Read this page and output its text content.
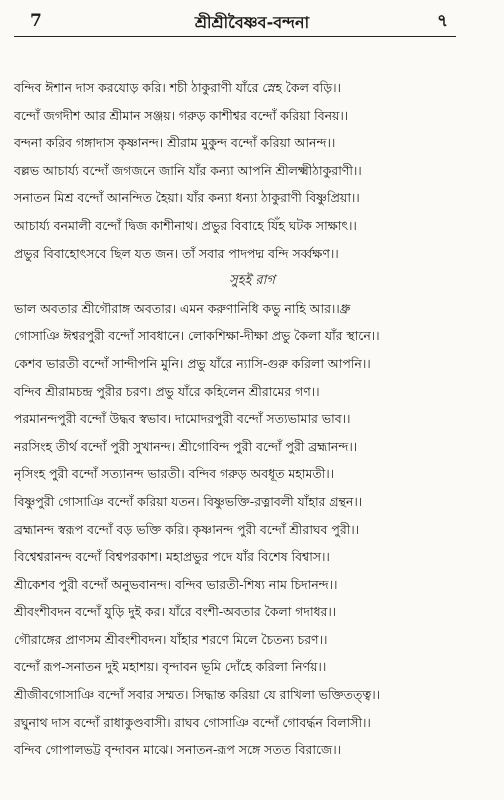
7	শ্রীশ্রীবৈষ্ণব-বন্দনা	৭
বন্দিব ঈশান দাস করযোড় করি। শচী ঠাকুরাণী যাঁরে স্নেহ কৈল বড়ি।।
বন্দোঁ জগদীশ আর শ্রীমান সঞ্জয়। গরুড় কাশীশ্বর বন্দোঁ করিয়া বিনয়।।
বন্দনা করিব গঙ্গাদাস কৃষ্ণানন্দ। শ্রীরাম মুকুন্দ বন্দোঁ করিয়া আনন্দ।।
বল্লভ আচার্য্য বন্দোঁ জগজনে জানি যাঁর কন্যা আপনি শ্রীলক্ষ্মীঠাকুরাণী।।
সনাতন মিশ্র বন্দোঁ আনন্দিত হৈয়া। যাঁর কন্যা ধন্যা ঠাকুরাণী বিষ্ণুপ্রিয়া।।
আচার্য্য বনমালী বন্দোঁ দ্বিজ কাশীনাথ। প্রভুর বিবাহে যিঁহ ঘটক সাক্ষাৎ।।
প্রভুর বিবাহোৎসবে ছিল যত জন। তাঁ সবার পাদপদ্ম বন্দি সর্ব্বক্ষণ।।
সুহই রাগ
ভাল অবতার শ্রীগৌরাঙ্গ অবতার। এমন করুণানিধি কভু নাহি আর।।ধ্রু
গোসাঞি ঈশ্বরপুরী বন্দোঁ সাবধানে। লোকশিক্ষা-দীক্ষা প্রভু কৈলা যাঁর স্থানে।।
কেশব ভারতী বন্দোঁ সান্দীপনি মুনি। প্রভু যাঁরে ন্যাসি-গুরু করিলা আপনি।।
বন্দিব শ্রীরামচন্দ্র পুরীর চরণ। প্রভু যাঁরে কহিলেন শ্রীরামের গণ।।
পরমানন্দপুরী বন্দোঁ উদ্ধব স্বভাব। দামোদরপুরী বন্দোঁ সত্যভামার ভাব।।
নরসিংহ তীর্থ বন্দোঁ পুরী সুখানন্দ। শ্রীগোবিন্দ পুরী বন্দোঁ পুরী ব্রহ্মানন্দ।।
নৃসিংহ পুরী বন্দোঁ সত্যানন্দ ভারতী। বন্দিব গরুড় অবধূত মহামতী।।
বিষ্ণুপুরী গোসাঞি বন্দোঁ করিয়া যতন। বিষ্ণুভক্তি-রত্নাবলী যাঁহার গ্রন্থন।।
ব্রহ্মানন্দ স্বরূপ বন্দোঁ বড় ভক্তি করি। কৃষ্ণানন্দ পুরী বন্দোঁ শ্রীরাঘব পুরী।।
বিশ্বেশ্বরানন্দ বন্দোঁ বিশ্বপরকাশ। মহাপ্রভুর পদে যাঁর বিশেষ বিশ্বাস।।
শ্রীকেশব পুরী বন্দোঁ অনুভবানন্দ। বন্দিব ভারতী-শিষ্য নাম চিদানন্দ।।
শ্রীবংশীবদন বন্দোঁ যুড়ি দুই কর। যাঁরে বংশী-অবতার কৈলা গদাধর।।
গৌরাঙ্গের প্রাণসম শ্রীবংশীবদন। যাঁহার শরণে মিলে চৈতন্য চরণ।।
বন্দোঁ রূপ-সনাতন দুই মহাশয়। বৃন্দাবন ভূমি দোঁহে করিলা নির্ণয়।।
শ্রীজীবগোসাঞি বন্দোঁ সবার সম্মত। সিদ্ধান্ত করিয়া যে রাখিলা ভক্তিতত্ত্ব।।
রঘুনাথ দাস বন্দোঁ রাধাকুণ্ডবাসী। রাঘব গোসাঞি বন্দোঁ গোবর্দ্ধন বিলাসী।।
বন্দিব গোপালভট্ট বৃন্দাবন মাঝে। সনাতন-রূপ সঙ্গে সতত বিরাজে।।
